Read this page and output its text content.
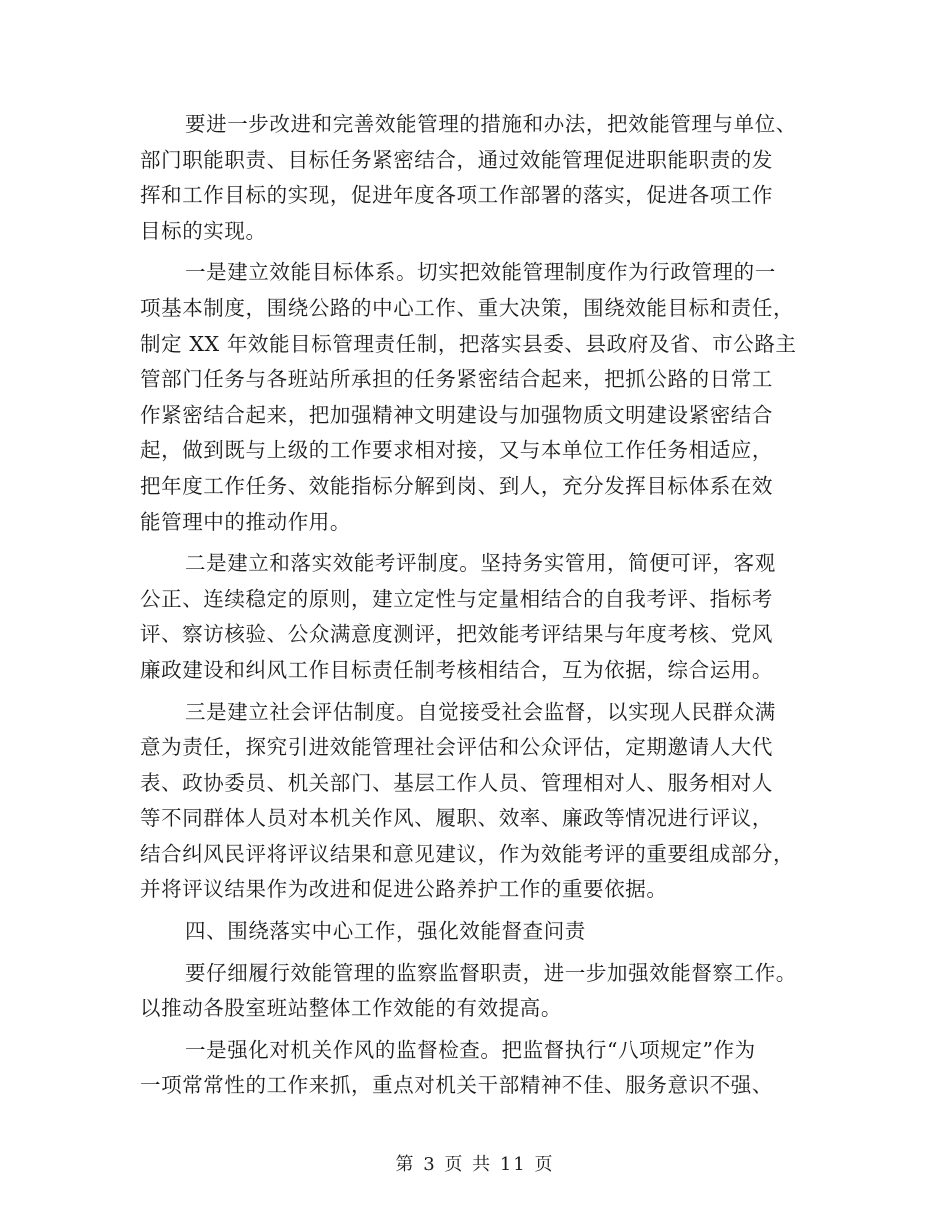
要进一步改进和完善效能管理的措施和办法，把效能管理与单位、
部门职能职责、目标任务紧密结合，通过效能管理促进职能职责的发
挥和工作目标的实现，促进年度各项工作部署的落实，促进各项工作
目标的实现。
一是建立效能目标体系。切实把效能管理制度作为行政管理的一
项基本制度，围绕公路的中心工作、重大决策，围绕效能目标和责任，
制定 XX 年效能目标管理责任制，把落实县委、县政府及省、市公路主
管部门任务与各班站所承担的任务紧密结合起来，把抓公路的日常工
作紧密结合起来，把加强精神文明建设与加强物质文明建设紧密结合
起，做到既与上级的工作要求相对接，又与本单位工作任务相适应，
把年度工作任务、效能指标分解到岗、到人，充分发挥目标体系在效
能管理中的推动作用。
二是建立和落实效能考评制度。坚持务实管用，简便可评，客观
公正、连续稳定的原则，建立定性与定量相结合的自我考评、指标考
评、察访核验、公众满意度测评，把效能考评结果与年度考核、党风
廉政建设和纠风工作目标责任制考核相结合，互为依据，综合运用。
三是建立社会评估制度。自觉接受社会监督，以实现人民群众满
意为责任，探究引进效能管理社会评估和公众评估，定期邀请人大代
表、政协委员、机关部门、基层工作人员、管理相对人、服务相对人
等不同群体人员对本机关作风、履职、效率、廉政等情况进行评议，
结合纠风民评将评议结果和意见建议，作为效能考评的重要组成部分，
并将评议结果作为改进和促进公路养护工作的重要依据。
四、围绕落实中心工作，强化效能督查问责
要仔细履行效能管理的监察监督职责，进一步加强效能督察工作。
以推动各股室班站整体工作效能的有效提高。
一是强化对机关作风的监督检查。把监督执行“八项规定”作为
一项常常性的工作来抓，重点对机关干部精神不佳、服务意识不强、
第 3 页 共 11 页
